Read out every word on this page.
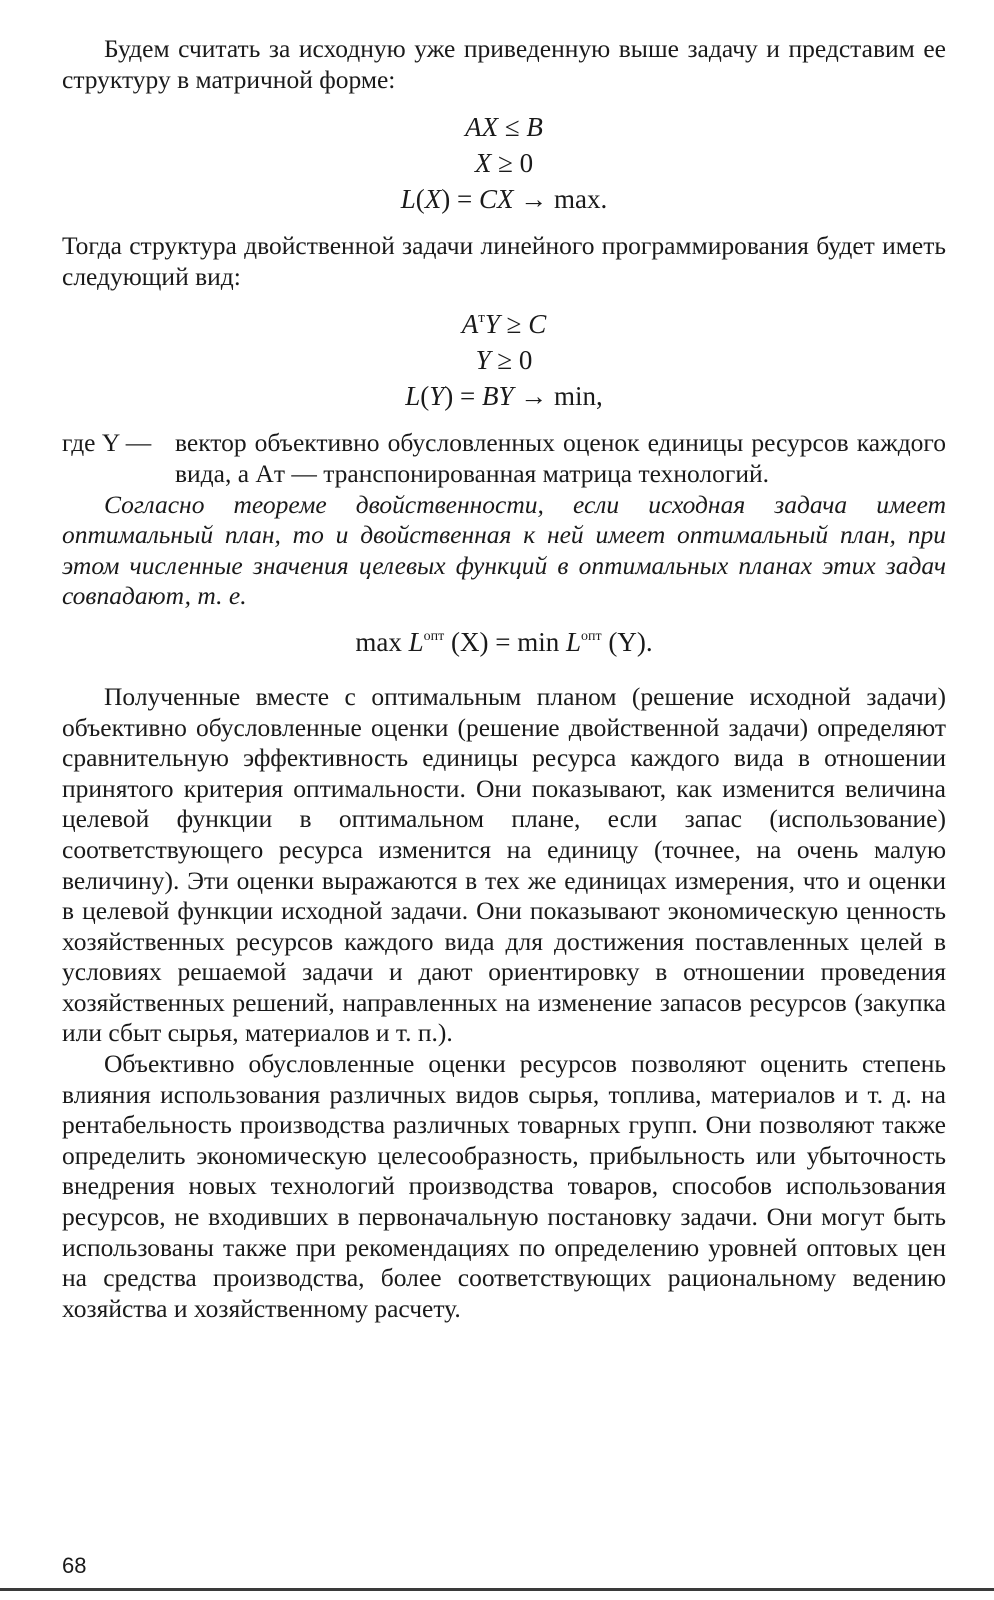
Будем считать за исходную уже приведенную выше задачу и представим ее структуру в матричной форме:

AX ≤ B
X ≥ 0
L(X) = CX → max.

Тогда структура двойственной задачи линейного программирования будет иметь следующий вид:

$A^тY \ge C$
Y ≥ 0
L(Y) = BY → min,
где Y — вектор объективно обусловленных оценок единицы ресурсов каждого вида, а Aт — транспонированная матрица технологий.

Согласно теореме двойственности, если исходная задача имеет оптимальный план, то и двойственная к ней имеет оптимальный план, при этом численные значения целевых функций в оптимальных планах этих задач совпадают, т. е.

$\max L^{опт}$ $(X) = \min L^{опт}$ (Y).

Полученные вместе с оптимальным планом (решение исходной задачи) объективно обусловленные оценки (решение двойственной задачи) определяют сравнительную эффективность единицы ресурса каждого вида в отношении принятого критерия оптимальности. Они показывают, как изменится величина целевой функции в оптимальном плане, если запас (использование) соответствующего ресурса изменится на единицу (точнее, на очень малую величину). Эти оценки выражаются в тех же единицах измерения, что и оценки в целевой функции исходной задачи. Они показывают экономическую ценность хозяйственных ресурсов каждого вида для достижения поставленных целей в условиях решаемой задачи и дают ориентировку в отношении проведения хозяйственных решений, направленных на изменение запасов ресурсов (закупка или сбыт сырья, материалов и т. п.).

Объективно обусловленные оценки ресурсов позволяют оценить степень влияния использования различных видов сырья, топлива, материалов и т. д. на рентабельность производства различных товарных групп. Они позволяют также определить экономическую целесообразность, прибыльность или убыточность внедрения новых технологий производства товаров, способов использования ресурсов, не входивших в первоначальную постановку задачи. Они могут быть использованы также при рекомендациях по определению уровней оптовых цен на средства производства, более соответствующих рациональному ведению хозяйства и хозяйственному расчету.

68
